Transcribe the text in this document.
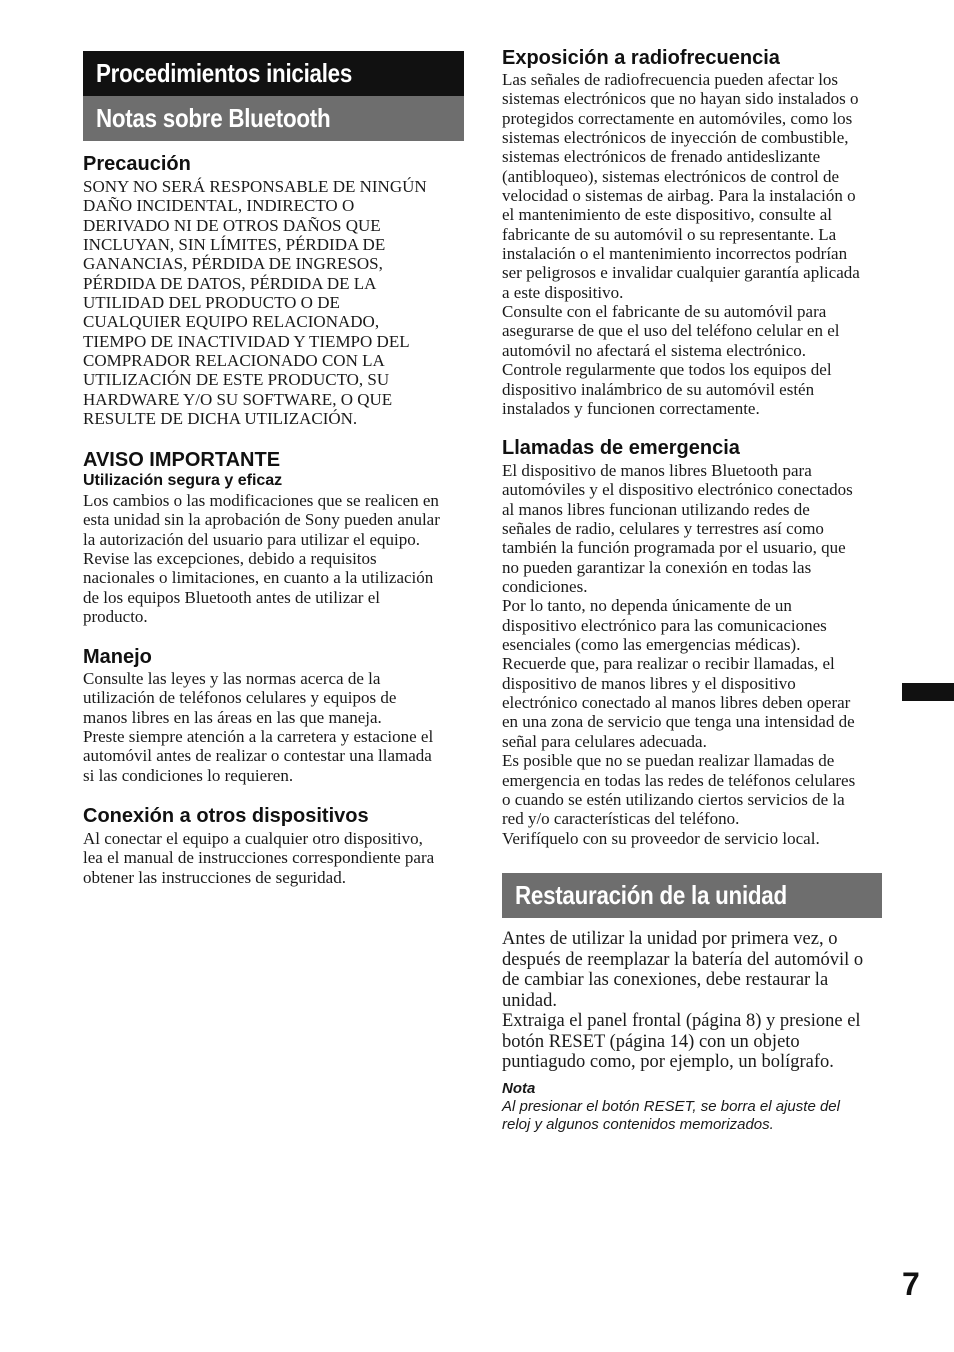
Procedimientos iniciales
Notas sobre Bluetooth
Precaución

SONY NO SERÁ RESPONSABLE DE NINGÚN
DAÑO INCIDENTAL, INDIRECTO O
DERIVADO NI DE OTROS DAÑOS QUE
INCLUYAN, SIN LÍMITES, PÉRDIDA DE
GANANCIAS, PÉRDIDA DE INGRESOS,
PÉRDIDA DE DATOS, PÉRDIDA DE LA
UTILIDAD DEL PRODUCTO O DE
CUALQUIER EQUIPO RELACIONADO,
TIEMPO DE INACTIVIDAD Y TIEMPO DEL
COMPRADOR RELACIONADO CON LA
UTILIZACIÓN DE ESTE PRODUCTO, SU
HARDWARE Y/O SU SOFTWARE, O QUE
RESULTE DE DICHA UTILIZACIÓN.

AVISO IMPORTANTE
Utilización segura y eficaz

Los cambios o las modificaciones que se realicen en
esta unidad sin la aprobación de Sony pueden anular
la autorización del usuario para utilizar el equipo.
Revise las excepciones, debido a requisitos
nacionales o limitaciones, en cuanto a la utilización
de los equipos Bluetooth antes de utilizar el
producto.

Manejo

Consulte las leyes y las normas acerca de la
utilización de teléfonos celulares y equipos de
manos libres en las áreas en las que maneja.
Preste siempre atención a la carretera y estacione el
automóvil antes de realizar o contestar una llamada
si las condiciones lo requieren.

Conexión a otros dispositivos

Al conectar el equipo a cualquier otro dispositivo,
lea el manual de instrucciones correspondiente para
obtener las instrucciones de seguridad.

Exposición a radiofrecuencia

Las señales de radiofrecuencia pueden afectar los
sistemas electrónicos que no hayan sido instalados o
protegidos correctamente en automóviles, como los
sistemas electrónicos de inyección de combustible,
sistemas electrónicos de frenado antideslizante
(antibloqueo), sistemas electrónicos de control de
velocidad o sistemas de airbag. Para la instalación o
el mantenimiento de este dispositivo, consulte al
fabricante de su automóvil o su representante. La
instalación o el mantenimiento incorrectos podrían
ser peligrosos e invalidar cualquier garantía aplicada
a este dispositivo.
Consulte con el fabricante de su automóvil para
asegurarse de que el uso del teléfono celular en el
automóvil no afectará el sistema electrónico.
Controle regularmente que todos los equipos del
dispositivo inalámbrico de su automóvil estén
instalados y funcionen correctamente.

Llamadas de emergencia

El dispositivo de manos libres Bluetooth para
automóviles y el dispositivo electrónico conectados
al manos libres funcionan utilizando redes de
señales de radio, celulares y terrestres así como
también la función programada por el usuario, que
no pueden garantizar la conexión en todas las
condiciones.
Por lo tanto, no dependa únicamente de un
dispositivo electrónico para las comunicaciones
esenciales (como las emergencias médicas).
Recuerde que, para realizar o recibir llamadas, el
dispositivo de manos libres y el dispositivo
electrónico conectado al manos libres deben operar
en una zona de servicio que tenga una intensidad de
señal para celulares adecuada.
Es posible que no se puedan realizar llamadas de
emergencia en todas las redes de teléfonos celulares
o cuando se estén utilizando ciertos servicios de la
red y/o características del teléfono.
Verifíquelo con su proveedor de servicio local.

Restauración de la unidad

Antes de utilizar la unidad por primera vez, o
después de reemplazar la batería del automóvil o
de cambiar las conexiones, debe restaurar la
unidad.
Extraiga el panel frontal (página 8) y presione el
botón RESET (página 14) con un objeto
puntiagudo como, por ejemplo, un bolígrafo.

Nota

Al presionar el botón RESET, se borra el ajuste del
reloj y algunos contenidos memorizados.

7
